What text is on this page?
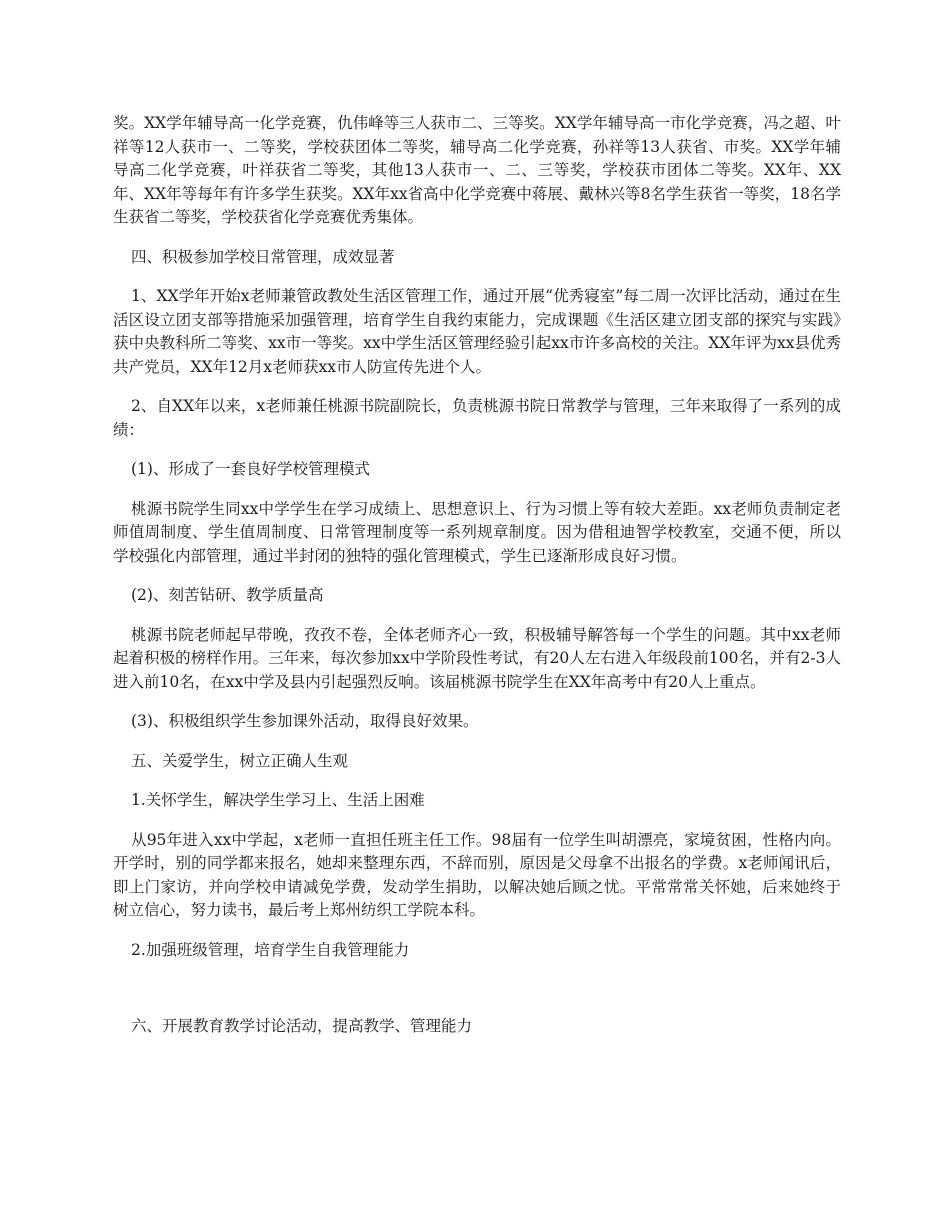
奖。XX学年辅导高一化学竞赛，仇伟峰等三人获市二、三等奖。XX学年辅导高一市化学竞赛，冯之超、叶祥等12人获市一、二等奖，学校获团体二等奖，辅导高二化学竞赛，孙祥等13人获省、市奖。XX学年辅导高二化学竞赛，叶祥获省二等奖，其他13人获市一、二、三等奖，学校获市团体二等奖。XX年、XX年、XX年等每年有许多学生获奖。XX年xx省高中化学竞赛中蒋展、戴林兴等8名学生获省一等奖，18名学生获省二等奖，学校获省化学竞赛优秀集体。

四、积极参加学校日常管理，成效显著

1、XX学年开始x老师兼管政教处生活区管理工作，通过开展“优秀寝室”每二周一次评比活动，通过在生活区设立团支部等措施采加强管理，培育学生自我约束能力，完成课题《生活区建立团支部的探究与实践》获中央教科所二等奖、xx市一等奖。xx中学生活区管理经验引起xx市许多高校的关注。XX年评为xx县优秀共产党员，XX年12月x老师获xx市人防宣传先进个人。

2、自XX年以来，x老师兼任桃源书院副院长，负责桃源书院日常教学与管理，三年来取得了一系列的成绩：

(1)、形成了一套良好学校管理模式

桃源书院学生同xx中学学生在学习成绩上、思想意识上、行为习惯上等有较大差距。xx老师负责制定老师值周制度、学生值周制度、日常管理制度等一系列规章制度。因为借租迪智学校教室，交通不便，所以学校强化内部管理，通过半封闭的独特的强化管理模式，学生已逐渐形成良好习惯。

(2)、刻苦钻研、教学质量高

桃源书院老师起早带晚，孜孜不卷，全体老师齐心一致，积极辅导解答每一个学生的问题。其中xx老师起着积极的榜样作用。三年来，每次参加xx中学阶段性考试，有20人左右进入年级段前100名，并有2-3人进入前10名，在xx中学及县内引起强烈反响。该届桃源书院学生在XX年高考中有20人上重点。

(3)、积极组织学生参加课外活动，取得良好效果。

五、关爱学生，树立正确人生观

1.关怀学生，解决学生学习上、生活上困难

从95年进入xx中学起，x老师一直担任班主任工作。98届有一位学生叫胡漂亮，家境贫困，性格内向。开学时，别的同学都来报名，她却来整理东西，不辞而别，原因是父母拿不出报名的学费。x老师闻讯后，即上门家访，并向学校申请减免学费，发动学生捐助，以解决她后顾之忧。平常常常关怀她，后来她终于树立信心，努力读书，最后考上郑州纺织工学院本科。

2.加强班级管理，培育学生自我管理能力

六、开展教育教学讨论活动，提高教学、管理能力
